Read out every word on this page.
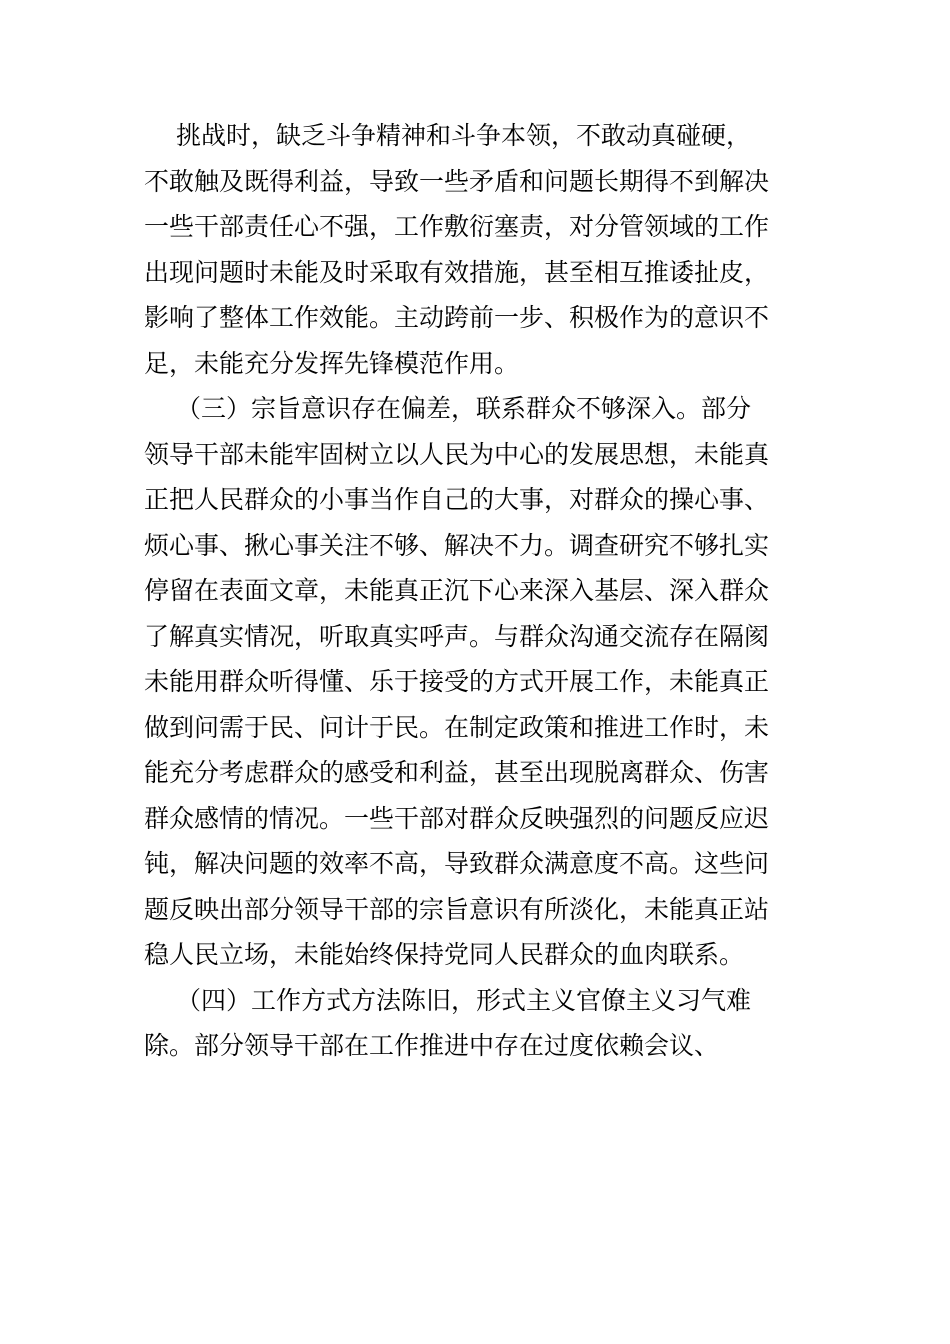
挑战时，缺乏斗争精神和斗争本领，不敢动真碰硬，
不敢触及既得利益，导致一些矛盾和问题长期得不到解决
一些干部责任心不强，工作敷衍塞责，对分管领域的工作
出现问题时未能及时采取有效措施，甚至相互推诿扯皮，
影响了整体工作效能。主动跨前一步、积极作为的意识不
足，未能充分发挥先锋模范作用。
（三）宗旨意识存在偏差，联系群众不够深入。部分
领导干部未能牢固树立以人民为中心的发展思想，未能真
正把人民群众的小事当作自己的大事，对群众的操心事、
烦心事、揪心事关注不够、解决不力。调查研究不够扎实
停留在表面文章，未能真正沉下心来深入基层、深入群众
了解真实情况，听取真实呼声。与群众沟通交流存在隔阂
未能用群众听得懂、乐于接受的方式开展工作，未能真正
做到问需于民、问计于民。在制定政策和推进工作时，未
能充分考虑群众的感受和利益，甚至出现脱离群众、伤害
群众感情的情况。一些干部对群众反映强烈的问题反应迟
钝，解决问题的效率不高，导致群众满意度不高。这些问
题反映出部分领导干部的宗旨意识有所淡化，未能真正站
稳人民立场，未能始终保持党同人民群众的血肉联系。
（四）工作方式方法陈旧，形式主义官僚主义习气难
除。部分领导干部在工作推进中存在过度依赖会议、
